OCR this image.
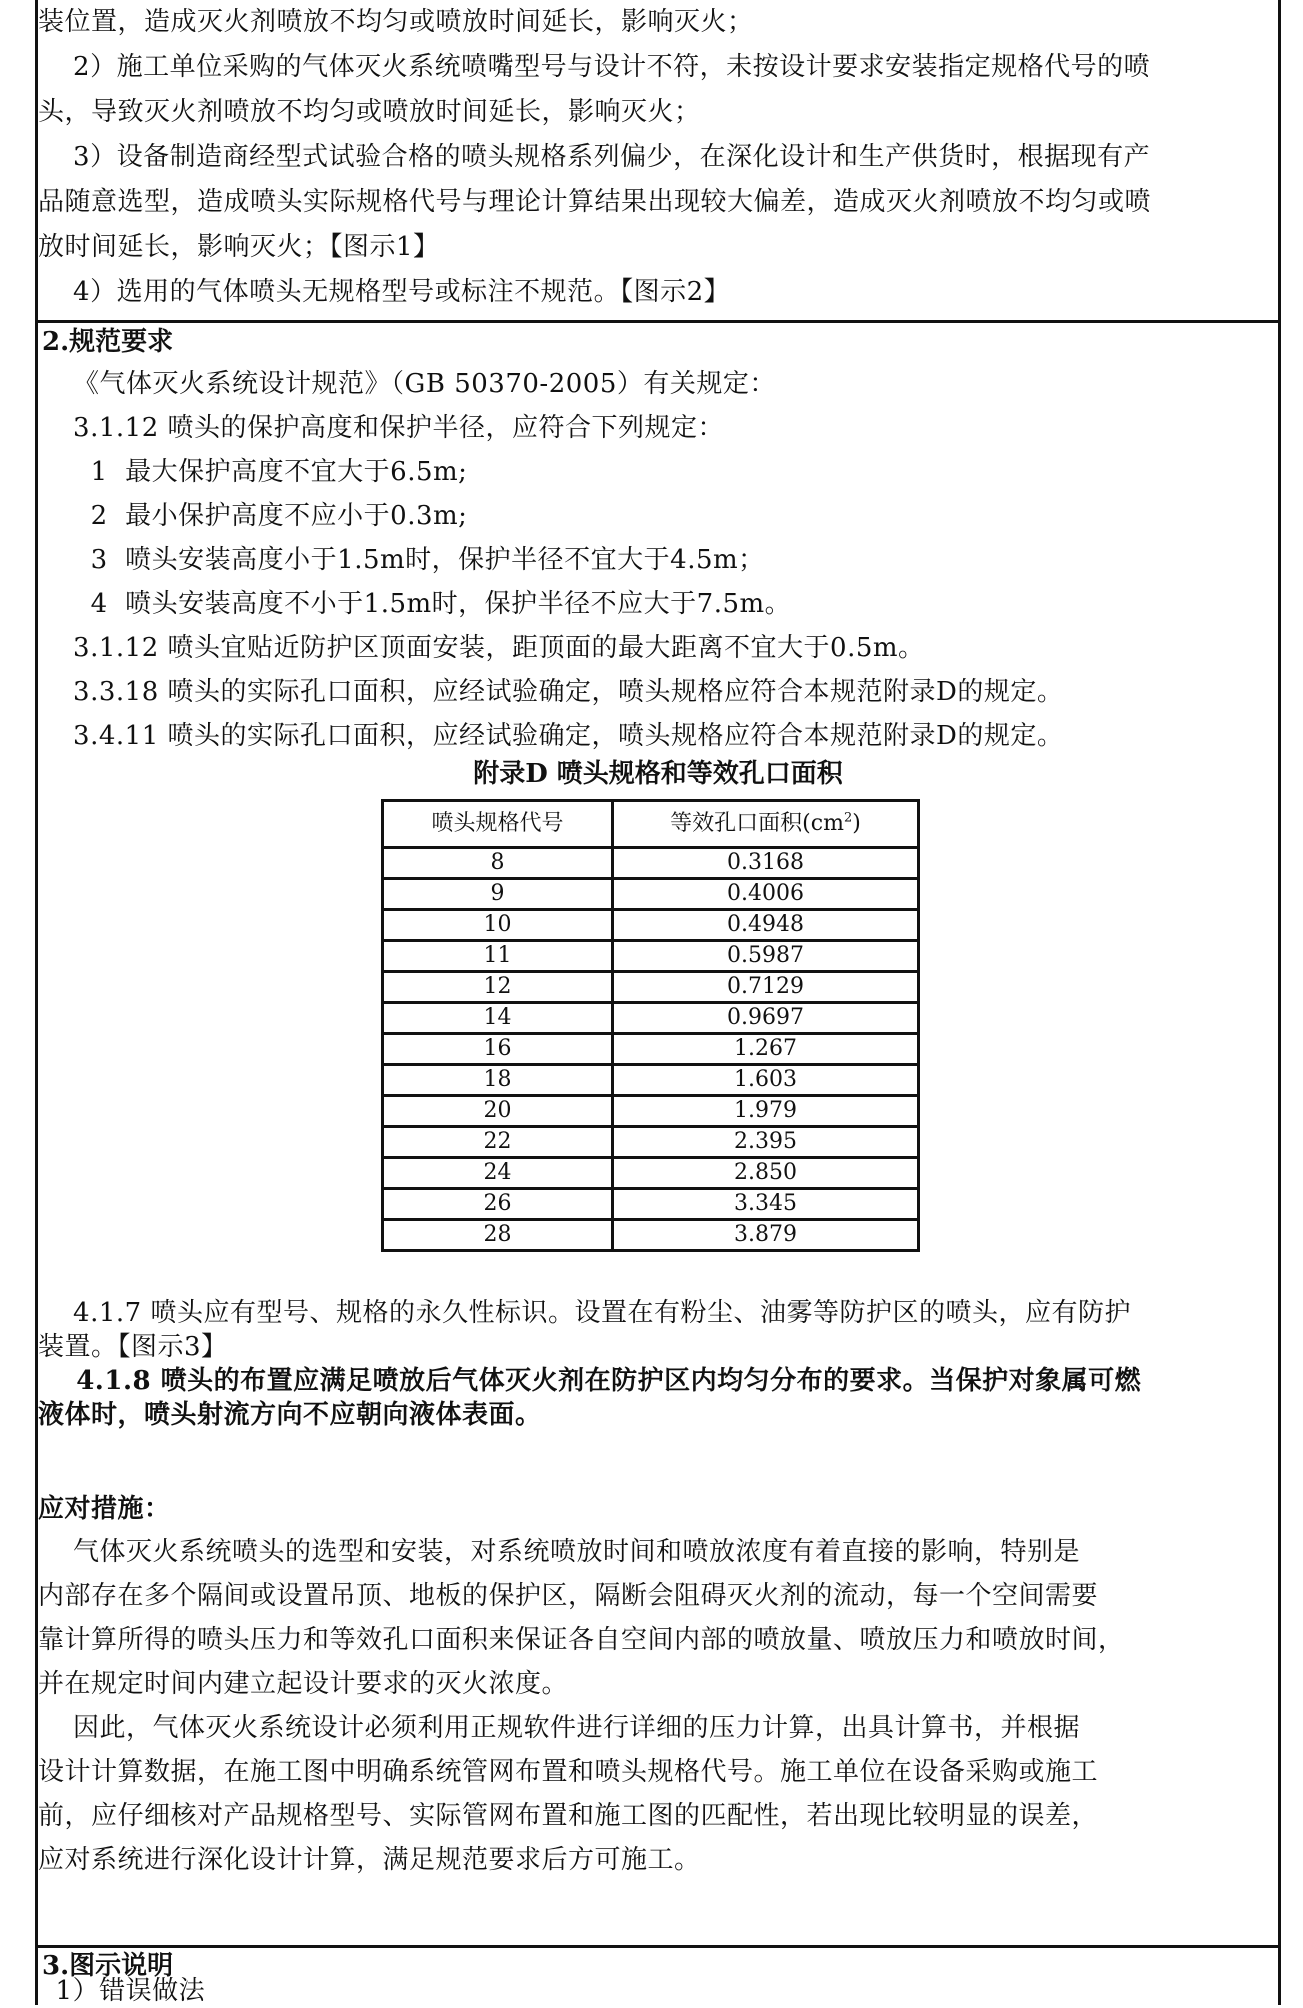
装位置，造成灭火剂喷放不均匀或喷放时间延长，影响灭火；
2）施工单位采购的气体灭火系统喷嘴型号与设计不符，未按设计要求安装指定规格代号的喷
头，导致灭火剂喷放不均匀或喷放时间延长，影响灭火；
3）设备制造商经型式试验合格的喷头规格系列偏少，在深化设计和生产供货时，根据现有产
品随意选型，造成喷头实际规格代号与理论计算结果出现较大偏差，造成灭火剂喷放不均匀或喷
放时间延长，影响灭火；【图示1】
4）选用的气体喷头无规格型号或标注不规范。【图示2】
2.规范要求
《气体灭火系统设计规范》（GB 50370-2005）有关规定：
3.1.12 喷头的保护高度和保护半径，应符合下列规定：
1  最大保护高度不宜大于6.5m;
2  最小保护高度不应小于0.3m;
3  喷头安装高度小于1.5m时，保护半径不宜大于4.5m；
4  喷头安装高度不小于1.5m时，保护半径不应大于7.5m。
3.1.12 喷头宜贴近防护区顶面安装，距顶面的最大距离不宜大于0.5m。
3.3.18 喷头的实际孔口面积，应经试验确定，喷头规格应符合本规范附录D的规定。
3.4.11 喷头的实际孔口面积，应经试验确定，喷头规格应符合本规范附录D的规定。
附录D 喷头规格和等效孔口面积
喷头规格代号	等效孔口面积$(cm^2)$
8	0.3168
9	0.4006
10	0.4948
11	0.5987
12	0.7129
14	0.9697
16	1.267
18	1.603
20	1.979
22	2.395
24	2.850
26	3.345
28	3.879
4.1.7 喷头应有型号、规格的永久性标识。设置在有粉尘、油雾等防护区的喷头，应有防护
装置。【图示3】
4.1.8 喷头的布置应满足喷放后气体灭火剂在防护区内均匀分布的要求。当保护对象属可燃
液体时，喷头射流方向不应朝向液体表面。
应对措施：
气体灭火系统喷头的选型和安装，对系统喷放时间和喷放浓度有着直接的影响，特别是
内部存在多个隔间或设置吊顶、地板的保护区，隔断会阻碍灭火剂的流动，每一个空间需要
靠计算所得的喷头压力和等效孔口面积来保证各自空间内部的喷放量、喷放压力和喷放时间，
并在规定时间内建立起设计要求的灭火浓度。
因此，气体灭火系统设计必须利用正规软件进行详细的压力计算，出具计算书，并根据
设计计算数据，在施工图中明确系统管网布置和喷头规格代号。施工单位在设备采购或施工
前，应仔细核对产品规格型号、实际管网布置和施工图的匹配性，若出现比较明显的误差，
应对系统进行深化设计计算，满足规范要求后方可施工。
3.图示说明
1）错误做法
